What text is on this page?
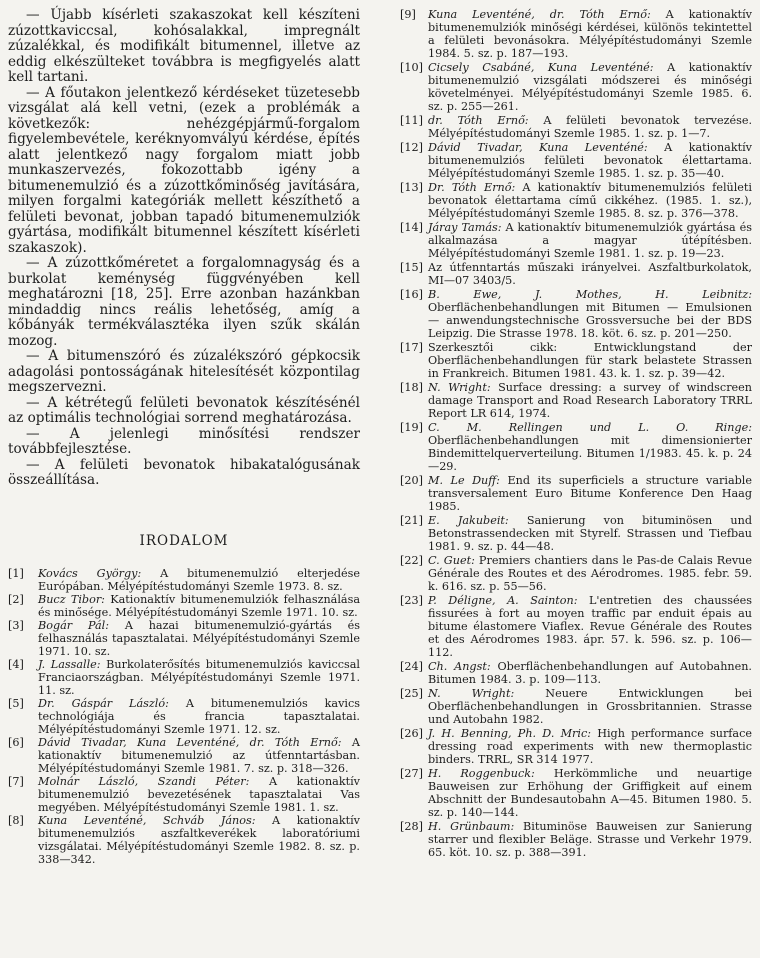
— Újabb kísérleti szakaszokat kell készíteni zúzottkaviccsal, kohósalakkal, impregnált zúzalékkal, és modifikált bitumennel, illetve az eddig elkészülteket továbbra is megfigyelés alatt kell tartani.

— A főutakon jelentkező kérdéseket tüzetesebb vizsgálat alá kell vetni, (ezek a problémák a következők: nehézgépjármű-forgalom figyelembevétele, keréknyomvályú kérdése, építés alatt jelentkező nagy forgalom miatt jobb munkaszervezés, fokozottabb igény a bitumenemulzió és a zúzottkőminőség javítására, milyen forgalmi kategóriák mellett készíthető a felületi bevonat, jobban tapadó bitumenemulziók gyártása, modifikált bitumennel készített kísérleti szakaszok).

— A zúzottkőméretet a forgalomnagyság és a burkolat keménység függvényében kell meghatározni [18, 25]. Erre azonban hazánkban mindaddig nincs reális lehetőség, amíg a kőbányák termékválasztéka ilyen szűk skálán mozog.

— A bitumenszóró és zúzalékszóró gépkocsik adagolási pontosságának hitelesítését központilag megszervezni.

— A kétrétegű felületi bevonatok készítésénél az optimális technológiai sorrend meghatározása.

— A jelenlegi minősítési rendszer továbbfejlesztése.

— A felületi bevonatok hibakatalógusának összeállítása.

IRODALOM
[1]	Kovács György: A bitumenemulzió elterjedése Európában. Mélyépítéstudományi Szemle 1973. 8. sz.
[2]	Bucz Tibor: Kationaktív bitumenemulziók felhasználása és minősége. Mélyépítéstudományi Szemle 1971. 10. sz.
[3]	Bogár Pál: A hazai bitumenemulzió-gyártás és felhasználás tapasztalatai. Mélyépítéstudományi Szemle 1971. 10. sz.
[4]	J. Lassalle: Burkolaterősítés bitumenemulziós kaviccsal Franciaországban. Mélyépítéstudományi Szemle 1971. 11. sz.
[5]	Dr. Gáspár László: A bitumenemulziós kavics technológiája és francia tapasztalatai. Mélyépítéstudományi Szemle 1971. 12. sz.
[6]	Dávid Tivadar, Kuna Leventéné, dr. Tóth Ernő: A kationaktív bitumenemulzió az útfenntartásban. Mélyépítéstudományi Szemle 1981. 7. sz. p. 318—326.
[7]	Molnár László, Szandi Péter: A kationaktív bitumenemulzió bevezetésének tapasztalatai Vas megyében. Mélyépítéstudományi Szemle 1981. 1. sz.
[8]	Kuna Leventéné, Schváb János: A kationaktív bitumenemulziós aszfaltkeverékek laboratóriumi vizsgálatai. Mélyépítéstudományi Szemle 1982. 8. sz. p. 338—342.
[9]	Kuna Leventéné, dr. Tóth Ernő: A kationaktív bitumenemulziók minőségi kérdései, különös tekintettel a felületi bevonásokra. Mélyépítéstudományi Szemle 1984. 5. sz. p. 187—193.
[10] Cicsely Csabáné, Kuna Leventéné: A kationaktív bitumenemulzió vizsgálati módszerei és minőségi követelményei. Mélyépítéstudományi Szemle 1985. 6. sz. p. 255—261.
[11] dr. Tóth Ernő: A felületi bevonatok tervezése. Mélyépítéstudományi Szemle 1985. 1. sz. p. 1—7.
[12] Dávid Tivadar, Kuna Leventéné: A kationaktív bitumenemulziós felületi bevonatok élettartama. Mélyépítéstudományi Szemle 1985. 1. sz. p. 35—40.
[13] Dr. Tóth Ernő: A kationaktív bitumenemulziós felületi bevonatok élettartama című cikkéhez. (1985. 1. sz.), Mélyépítéstudományi Szemle 1985. 8. sz. p. 376—378.
[14] Járay Tamás: A kationaktív bitumenemulziók gyártása és alkalmazása a magyar útépítésben. Mélyépítéstudományi Szemle 1981. 1. sz. p. 19—23.
[15] Az útfenntartás műszaki irányelvei. Aszfaltburkolatok, MI—07 3403/5.
[16] B. Ewe, J. Mothes, H. Leibnitz: Oberflächenbehandlungen mit Bitumen — Emulsionen — anwendungstechnische Grossversuche bei der BDS Leipzig. Die Strasse 1978. 18. köt. 6. sz. p. 201—250.
[17] Szerkesztői cikk: Entwicklungstand der Oberflächenbehandlungen für stark belastete Strassen in Frankreich. Bitumen 1981. 43. k. 1. sz. p. 39—42.
[18] N. Wright: Surface dressing: a survey of windscreen damage Transport and Road Research Laboratory TRRL Report LR 614, 1974.
[19] C. M. Rellingen und L. O. Ringe: Oberflächenbehandlungen mit dimensionierter Bindemittelquerverteilung. Bitumen 1/1983. 45. k. p. 24—29.
[20] M. Le Duff: End its superficiels a structure variable transversalement Euro Bitume Konference Den Haag 1985.
[21] E. Jakubeit: Sanierung von bituminösen und Betonstrassendecken mit Styrelf. Strassen und Tiefbau 1981. 9. sz. p. 44—48.
[22] C. Guet: Premiers chantiers dans le Pas-de Calais Revue Générale des Routes et des Aérodromes. 1985. febr. 59. k. 616. sz. p. 55—56.
[23] P. Déligne, A. Sainton: L'entretien des chaussées fissurées à fort au moyen traffic par enduit épais au bitume élastomere Viaflex. Revue Générale des Routes et des Aérodromes 1983. ápr. 57. k. 596. sz. p. 106—112.
[24] Ch. Angst: Oberflächenbehandlungen auf Autobahnen. Bitumen 1984. 3. p. 109—113.
[25] N. Wright: Neuere Entwicklungen bei Oberflächenbehandlungen in Grossbritannien. Strasse und Autobahn 1982.
[26] J. H. Benning, Ph. D. Mric: High performance surface dressing road experiments with new thermoplastic binders. TRRL, SR 314 1977.
[27] H. Roggenbuck: Herkömmliche und neuartige Bauweisen zur Erhöhung der Griffigkeit auf einem Abschnitt der Bundesautobahn A—45. Bitumen 1980. 5. sz. p. 140—144.
[28] H. Grünbaum: Bituminöse Bauweisen zur Sanierung starrer und flexibler Beläge. Strasse und Verkehr 1979. 65. köt. 10. sz. p. 388—391.
